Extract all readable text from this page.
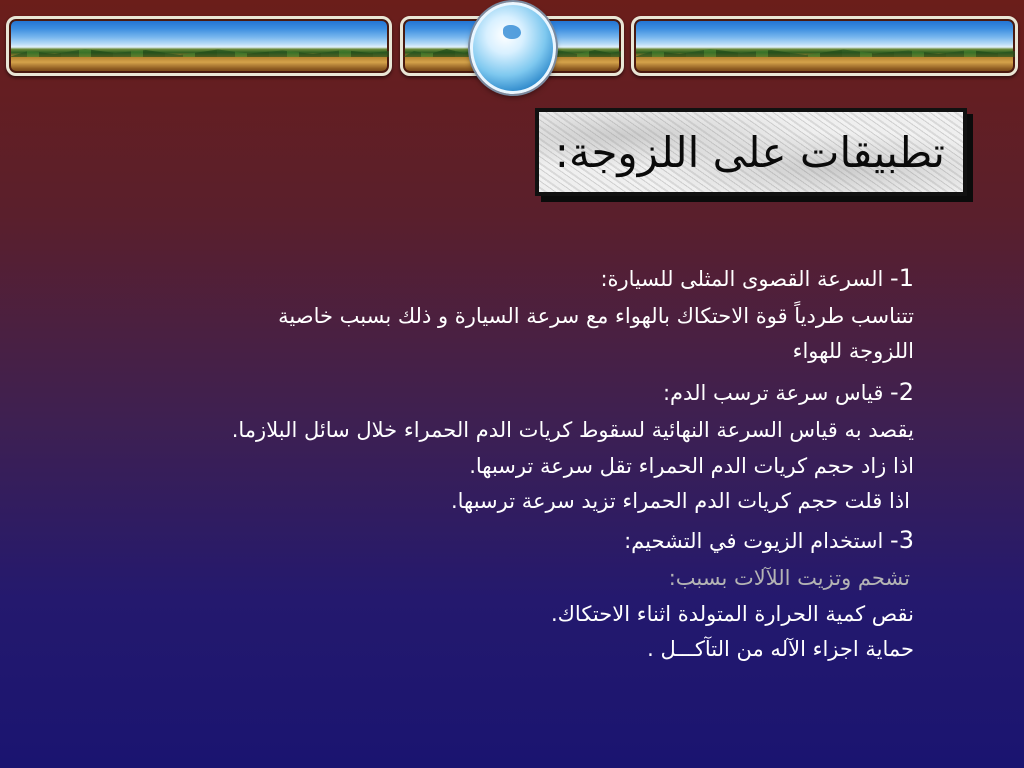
تطبيقات على اللزوجة:
1- السرعة القصوى المثلى للسيارة:
تتناسب طردياً قوة الاحتكاك بالهواء مع سرعة السيارة و ذلك بسبب خاصية
اللزوجة للهواء
2- قياس سرعة ترسب الدم:
يقصد به قياس السرعة النهائية لسقوط كريات الدم الحمراء خلال سائل البلازما.
اذا زاد حجم كريات الدم الحمراء تقل سرعة ترسبها.
اذا قلت حجم كريات الدم الحمراء تزيد سرعة ترسبها.
3- استخدام الزيوت في التشحيم:
تشحم وتزيت اللآلات بسبب:
نقص كمية الحرارة المتولدة اثناء الاحتكاك.
حماية اجزاء الآله من التآكـــل .
